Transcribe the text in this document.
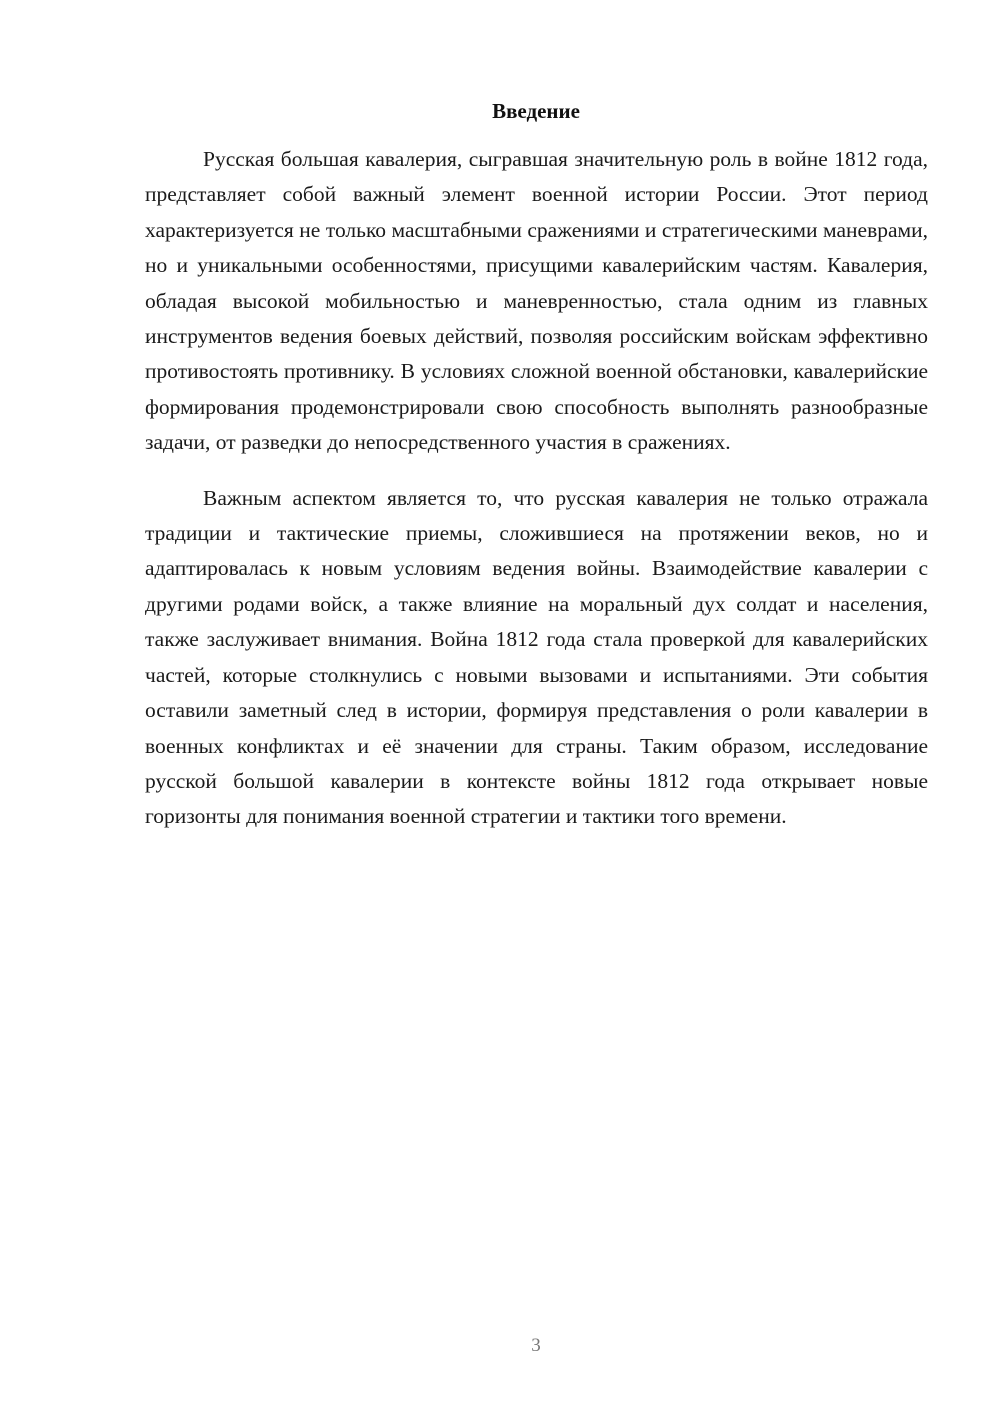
Введение

Русская большая кавалерия, сыгравшая значительную роль в войне 1812 года, представляет собой важный элемент военной истории России. Этот период характеризуется не только масштабными сражениями и стратегическими маневрами, но и уникальными особенностями, присущими кавалерийским частям. Кавалерия, обладая высокой мобильностью и маневренностью, стала одним из главных инструментов ведения боевых действий, позволяя российским войскам эффективно противостоять противнику. В условиях сложной военной обстановки, кавалерийские формирования продемонстрировали свою способность выполнять разнообразные задачи, от разведки до непосредственного участия в сражениях.

Важным аспектом является то, что русская кавалерия не только отражала традиции и тактические приемы, сложившиеся на протяжении веков, но и адаптировалась к новым условиям ведения войны. Взаимодействие кавалерии с другими родами войск, а также влияние на моральный дух солдат и населения, также заслуживает внимания. Война 1812 года стала проверкой для кавалерийских частей, которые столкнулись с новыми вызовами и испытаниями. Эти события оставили заметный след в истории, формируя представления о роли кавалерии в военных конфликтах и её значении для страны. Таким образом, исследование русской большой кавалерии в контексте войны 1812 года открывает новые горизонты для понимания военной стратегии и тактики того времени.

3
